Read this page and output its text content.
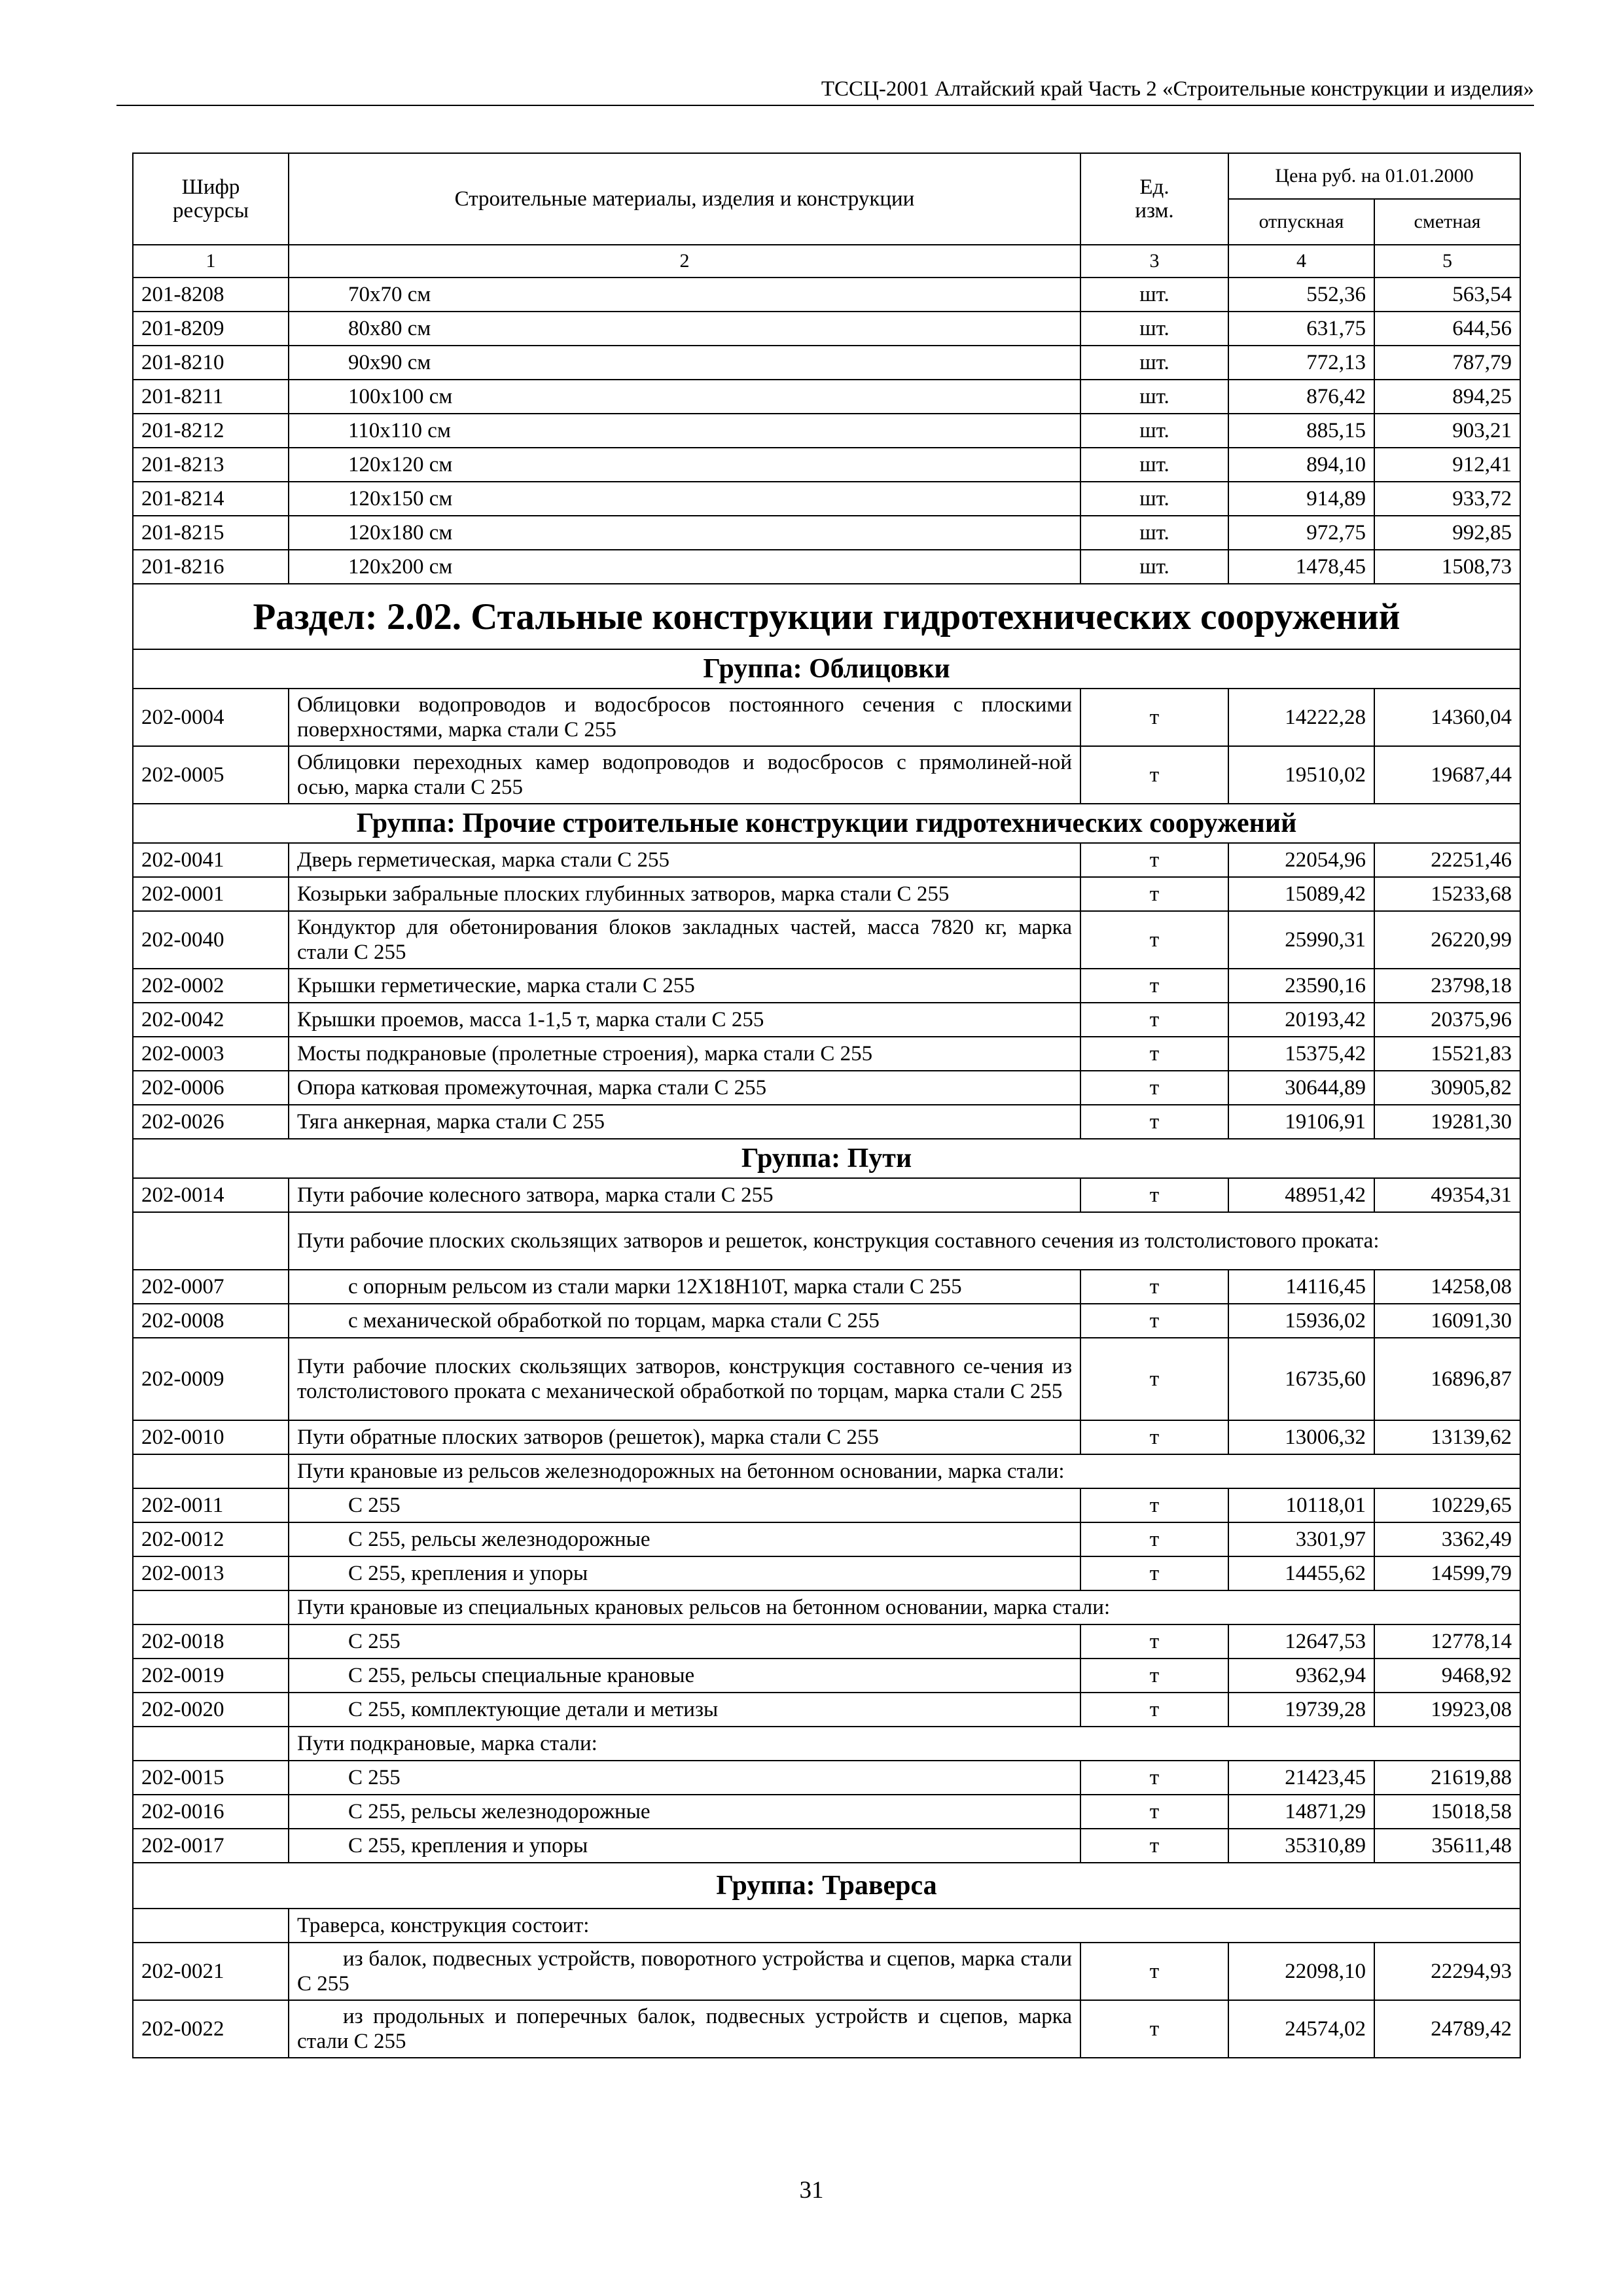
ТССЦ-2001 Алтайский край Часть 2 «Строительные конструкции и изделия»
Шифр ресурсы	Строительные материалы, изделия и конструкции	Ед. изм.	Цена руб. на 01.01.2000	
			отпускная	сметная
1	2	3	4	5
201-8208	70х70 см	шт.	552,36	563,54
201-8209	80х80 см	шт.	631,75	644,56
201-8210	90х90 см	шт.	772,13	787,79
201-8211	100х100 см	шт.	876,42	894,25
201-8212	110х110 см	шт.	885,15	903,21
201-8213	120х120 см	шт.	894,10	912,41
201-8214	120х150 см	шт.	914,89	933,72
201-8215	120х180 см	шт.	972,75	992,85
201-8216	120х200 см	шт.	1478,45	1508,73
Раздел: 2.02. Стальные конструкции гидротехнических сооружений				
Группа: Облицовки				
202-0004	Облицовки водопроводов и водосбросов постоянного сечения с плоскими поверхностями, марка стали С 255	т	14222,28	14360,04
202-0005	Облицовки переходных камер водопроводов и водосбросов с прямолиней-ной осью, марка стали С 255	т	19510,02	19687,44
Группа: Прочие строительные конструкции гидротехнических сооружений				
202-0041	Дверь герметическая, марка стали С 255	т	22054,96	22251,46
202-0001	Козырьки забральные плоских глубинных затворов, марка стали С 255	т	15089,42	15233,68
202-0040	Кондуктор для обетонирования блоков закладных частей, масса 7820 кг, марка стали С 255	т	25990,31	26220,99
202-0002	Крышки герметические, марка стали С 255	т	23590,16	23798,18
202-0042	Крышки проемов, масса 1-1,5 т, марка стали С 255	т	20193,42	20375,96
202-0003	Мосты подкрановые (пролетные строения), марка стали С 255	т	15375,42	15521,83
202-0006	Опора катковая промежуточная, марка стали С 255	т	30644,89	30905,82
202-0026	Тяга анкерная, марка стали С 255	т	19106,91	19281,30
Группа: Пути				
202-0014	Пути рабочие колесного затвора, марка стали С 255	т	48951,42	49354,31
	Пути рабочие плоских скользящих затворов и решеток, конструкция составного сечения из толстолистового проката:			
202-0007	с опорным рельсом из стали марки 12Х18Н10Т, марка стали С 255	т	14116,45	14258,08
202-0008	с механической обработкой по торцам, марка стали С 255	т	15936,02	16091,30
202-0009	Пути рабочие плоских скользящих затворов, конструкция составного се-чения из толстолистового проката с механической обработкой по торцам, марка стали С 255	т	16735,60	16896,87
202-0010	Пути обратные плоских затворов (решеток), марка стали С 255	т	13006,32	13139,62
	Пути крановые из рельсов железнодорожных на бетонном основании, марка стали:			
202-0011	С 255	т	10118,01	10229,65
202-0012	С 255, рельсы железнодорожные	т	3301,97	3362,49
202-0013	С 255, крепления и упоры	т	14455,62	14599,79
	Пути крановые из специальных крановых рельсов на бетонном основании, марка стали:			
202-0018	С 255	т	12647,53	12778,14
202-0019	С 255, рельсы специальные крановые	т	9362,94	9468,92
202-0020	С 255, комплектующие детали и метизы	т	19739,28	19923,08
	Пути подкрановые, марка стали:			
202-0015	С 255	т	21423,45	21619,88
202-0016	С 255, рельсы железнодорожные	т	14871,29	15018,58
202-0017	С 255, крепления и упоры	т	35310,89	35611,48
Группа: Траверса				
	Траверса, конструкция состоит:			
202-0021	из балок, подвесных устройств, поворотного устройства и сцепов, марка стали С 255	т	22098,10	22294,93
202-0022	из продольных и поперечных балок, подвесных устройств и сцепов, марка стали С 255	т	24574,02	24789,42
31
